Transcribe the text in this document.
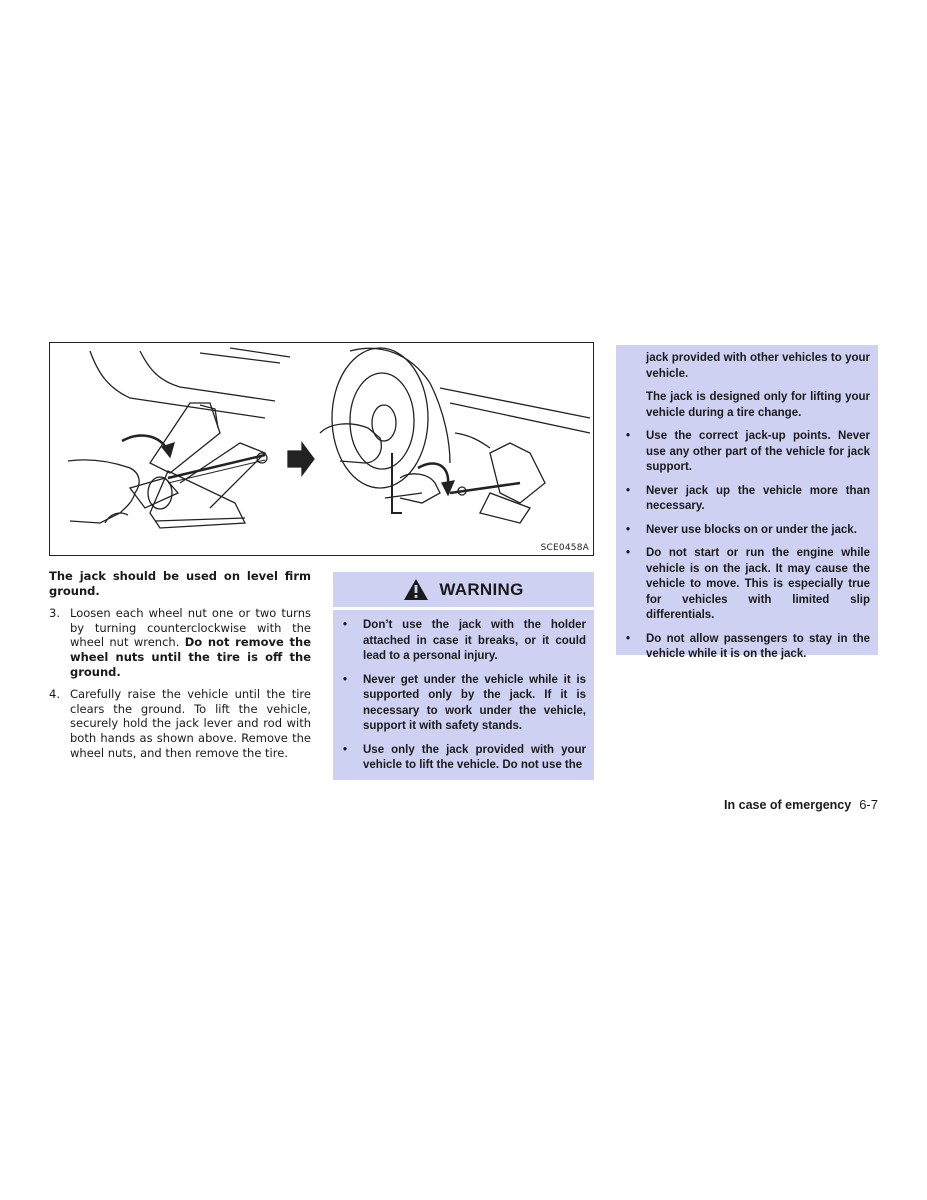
SCE0458A

The jack should be used on level firm ground.

3. Loosen each wheel nut one or two turns by turning counterclockwise with the wheel nut wrench. Do not remove the wheel nuts until the tire is off the ground.
4. Carefully raise the vehicle until the tire clears the ground. To lift the vehicle, securely hold the jack lever and rod with both hands as shown above. Remove the wheel nuts, and then remove the tire.
WARNING
•	Don’t use the jack with the holder attached in case it breaks, or it could lead to a personal injury.
•	Never get under the vehicle while it is supported only by the jack. If it is necessary to work under the vehicle, support it with safety stands.
•	Use only the jack provided with your vehicle to lift the vehicle. Do not use the

jack provided with other vehicles to your vehicle.

The jack is designed only for lifting your vehicle during a tire change.

•	Use the correct jack-up points. Never use any other part of the vehicle for jack support.
•	Never jack up the vehicle more than necessary.
•	Never use blocks on or under the jack.
•	Do not start or run the engine while vehicle is on the jack. It may cause the vehicle to move. This is especially true for vehicles with limited slip differentials.
•	Do not allow passengers to stay in the vehicle while it is on the jack.
In case of emergency 6-7
